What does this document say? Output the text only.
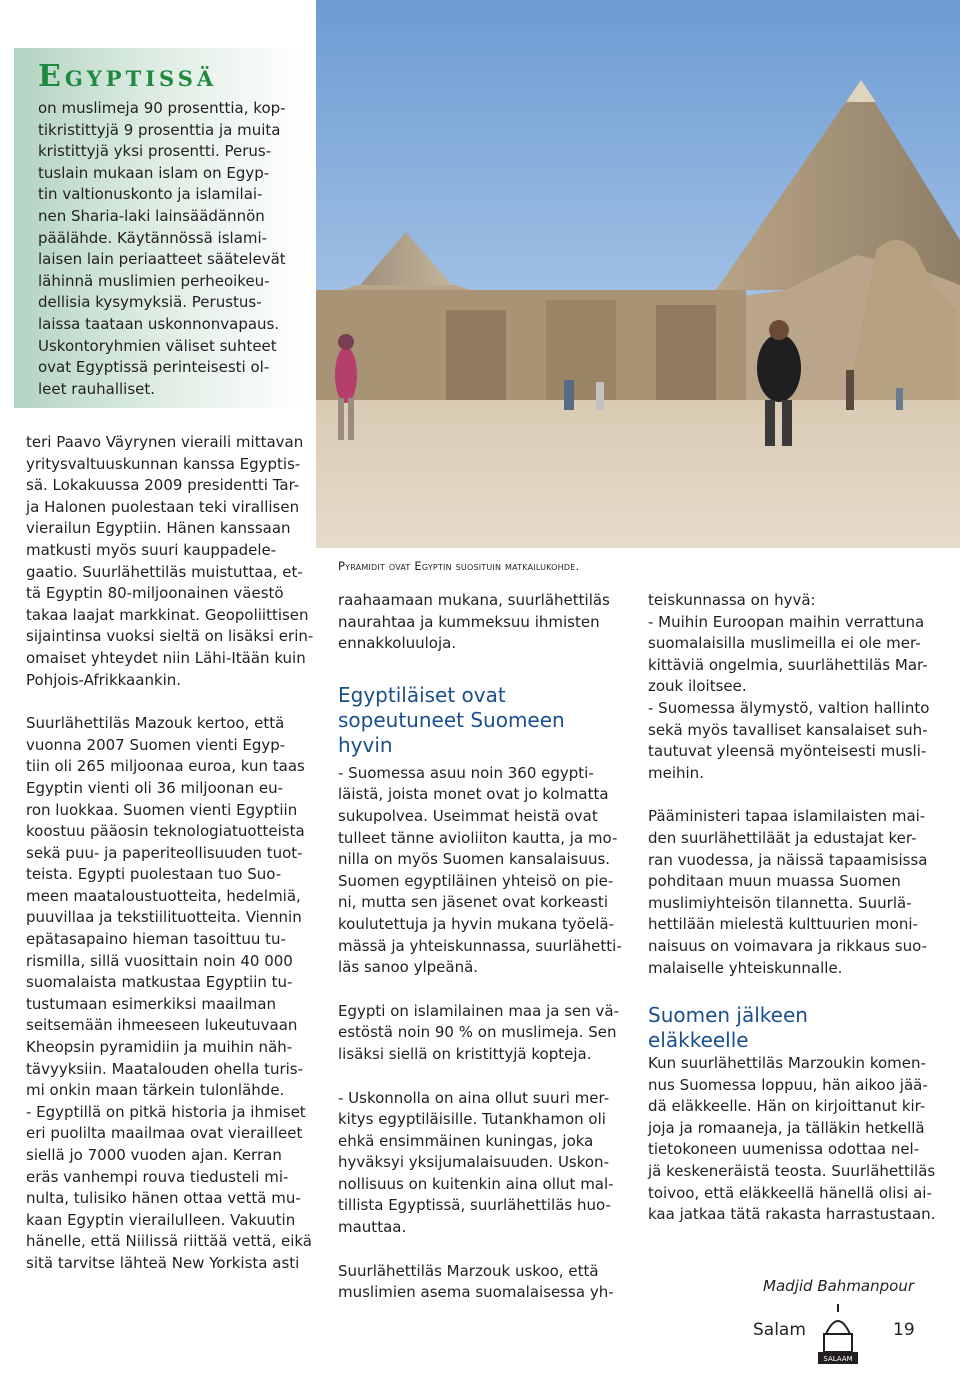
Egyptissä
on muslimeja 90 prosenttia, kop-
tikristittyjä 9 prosenttia ja muita
kristittyjä yksi prosentti. Perus-
tuslain mukaan islam on Egyp-
tin valtionuskonto ja islamilai-
nen Sharia-laki lainsäädännön
päälähde. Käytännössä islami-
laisen lain periaatteet säätelevät
lähinnä muslimien perheoikeu-
dellisia kysymyksiä. Perustus-
laissa taataan uskonnonvapaus.
Uskontoryhmien väliset suhteet
ovat Egyptissä perinteisesti ol-
leet rauhalliset.
Pyramidit ovat Egyptin suosituin matkailukohde.

teri Paavo Väyrynen vieraili mittavan
yritysvaltuuskunnan kanssa Egyptis-
sä. Lokakuussa 2009 presidentti Tar-
ja Halonen puolestaan teki virallisen
vierailun Egyptiin. Hänen kanssaan
matkusti myös suuri kauppadele-
gaatio. Suurlähettiläs muistuttaa, et-
tä Egyptin 80-miljoonainen väestö
takaa laajat markkinat. Geopoliittisen
sijaintinsa vuoksi sieltä on lisäksi erin-
omaiset yhteydet niin Lähi-Itään kuin
Pohjois-Afrikkaankin.

Suurlähettiläs Mazouk kertoo, että
vuonna 2007 Suomen vienti Egyp-
tiin oli 265 miljoonaa euroa, kun taas
Egyptin vienti oli 36 miljoonan eu-
ron luokkaa. Suomen vienti Egyptiin
koostuu pääosin teknologiatuotteista
sekä puu- ja paperiteollisuuden tuot-
teista. Egypti puolestaan tuo Suo-
meen maataloustuotteita, hedelmiä,
puuvillaa ja tekstiilituotteita. Viennin
epätasapaino hieman tasoittuu tu-
rismilla, sillä vuosittain noin 40 000
suomalaista matkustaa Egyptiin tu-
tustumaan esimerkiksi maailman
seitsemään ihmeeseen lukeutuvaan
Kheopsin pyramidiin ja muihin näh-
tävyyksiin. Maatalouden ohella turis-
mi onkin maan tärkein tulonlähde.
- Egyptillä on pitkä historia ja ihmiset
eri puolilta maailmaa ovat vierailleet
siellä jo 7000 vuoden ajan. Kerran
eräs vanhempi rouva tiedusteli mi-
nulta, tulisiko hänen ottaa vettä mu-
kaan Egyptin vierailulleen. Vakuutin
hänelle, että Niilissä riittää vettä, eikä
sitä tarvitse lähteä New Yorkista asti

raahaamaan mukana, suurlähettiläs
naurahtaa ja kummeksuu ihmisten
ennakkoluuloja.

Egyptiläiset ovat
sopeutuneet Suomeen
hyvin

- Suomessa asuu noin 360 egypti-
läistä, joista monet ovat jo kolmatta
sukupolvea. Useimmat heistä ovat
tulleet tänne avioliiton kautta, ja mo-
nilla on myös Suomen kansalaisuus.
Suomen egyptiläinen yhteisö on pie-
ni, mutta sen jäsenet ovat korkeasti
koulutettuja ja hyvin mukana työelä-
mässä ja yhteiskunnassa, suurlähetti-
läs sanoo ylpeänä.

Egypti on islamilainen maa ja sen vä-
estöstä noin 90 % on muslimeja. Sen
lisäksi siellä on kristittyjä kopteja.

- Uskonnolla on aina ollut suuri mer-
kitys egyptiläisille. Tutankhamon oli
ehkä ensimmäinen kuningas, joka
hyväksyi yksijumalaisuuden. Uskon-
nollisuus on kuitenkin aina ollut mal-
tillista Egyptissä, suurlähettiläs huo-
mauttaa.

Suurlähettiläs Marzouk uskoo, että
muslimien asema suomalaisessa yh-

teiskunnassa on hyvä:
- Muihin Euroopan maihin verrattuna
suomalaisilla muslimeilla ei ole mer-
kittäviä ongelmia, suurlähettiläs Mar-
zouk iloitsee.
- Suomessa älymystö, valtion hallinto
sekä myös tavalliset kansalaiset suh-
tautuvat yleensä myönteisesti musli-
meihin.

Pääministeri tapaa islamilaisten mai-
den suurlähettiläät ja edustajat ker-
ran vuodessa, ja näissä tapaamisissa
pohditaan muun muassa Suomen
muslimiyhteisön tilannetta. Suurlä-
hettilään mielestä kulttuurien moni-
naisuus on voimavara ja rikkaus suo-
malaiselle yhteiskunnalle.

Suomen jälkeen
eläkkeelle

Kun suurlähettiläs Marzoukin komen-
nus Suomessa loppuu, hän aikoo jää-
dä eläkkeelle. Hän on kirjoittanut kir-
joja ja romaaneja, ja tälläkin hetkellä
tietokoneen uumenissa odottaa nel-
jä keskeneräistä teosta. Suurlähettiläs
toivoo, että eläkkeellä hänellä olisi ai-
kaa jatkaa tätä rakasta harrastustaan.

Madjid Bahmanpour
Salam
SALAAM
19
